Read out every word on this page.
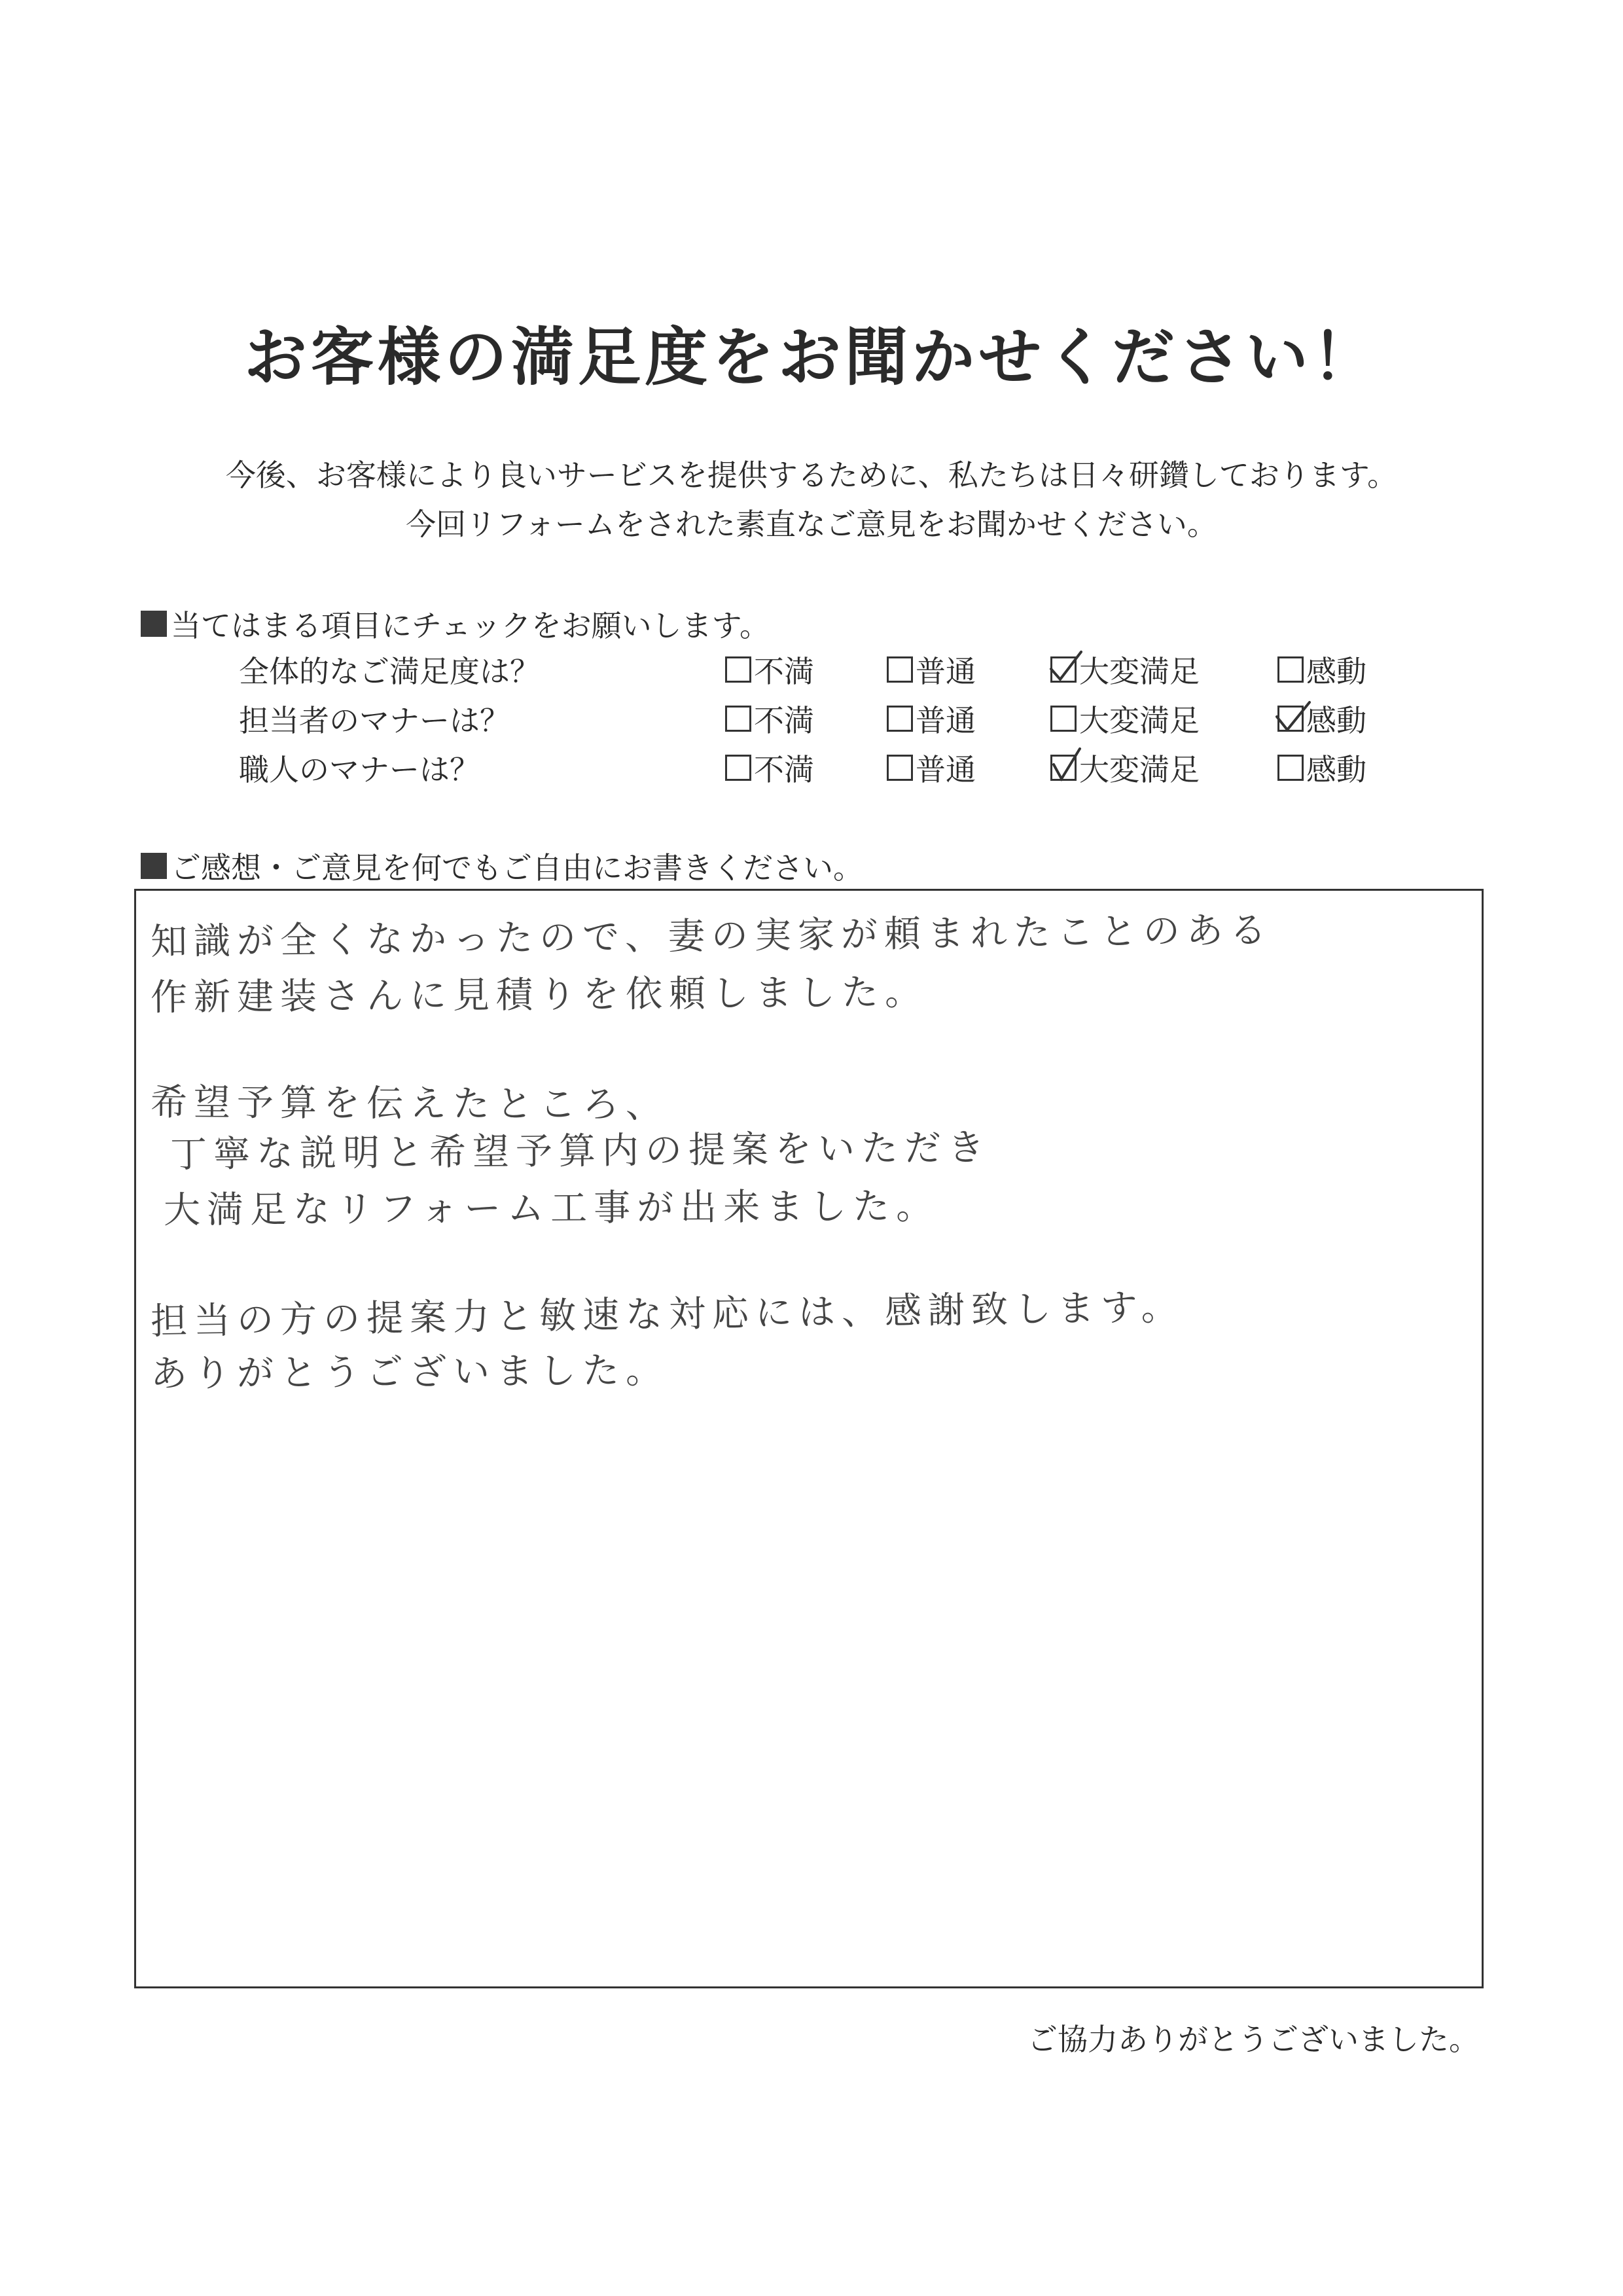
お客様の満足度をお聞かせください！
今後、お客様により良いサービスを提供するために、私たちは日々研鑽しております。
今回リフォームをされた素直なご意見をお聞かせください。
当てはまる項目にチェックをお願いします。
全体的なご満足度は？	不満	普通	大変満足	感動
担当者のマナーは？	不満	普通	大変満足	感動
職人のマナーは？	不満	普通	大変満足	感動
ご感想・ご意見を何でもご自由にお書きください。
知識が全くなかったので、妻の実家が頼まれたことのある
作新建装さんに見積りを依頼しました。
希望予算を伝えたところ、
丁寧な説明と希望予算内の提案をいただき
大満足なリフォーム工事が出来ました。
担当の方の提案力と敏速な対応には、感謝致します。
ありがとうございました。
ご協力ありがとうございました。
